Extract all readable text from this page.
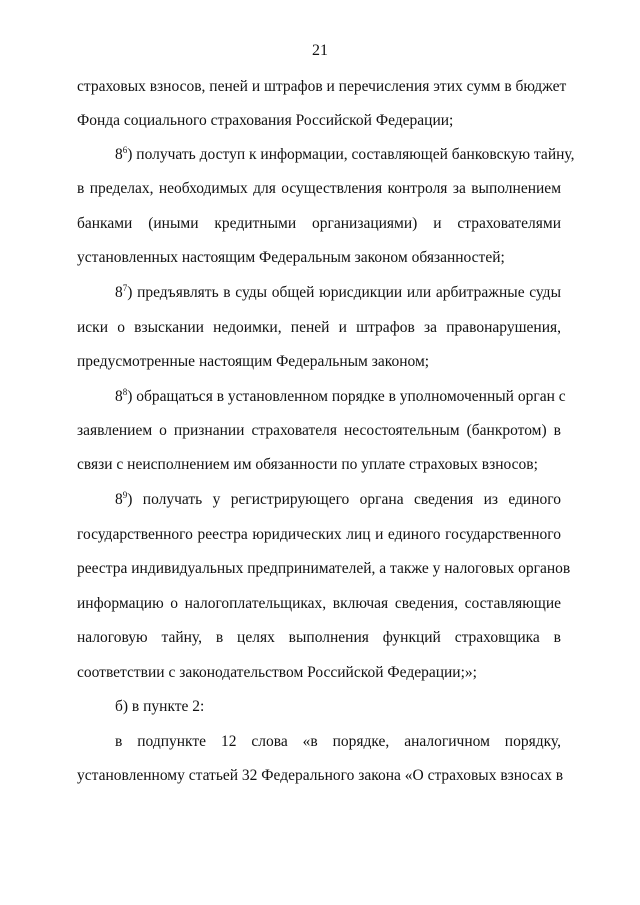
21
страховых взносов, пеней и штрафов и перечисления этих сумм в бюджет
Фонда социального страхования Российской Федерации;
$8^6$) получать доступ к информации, составляющей банковскую тайну,
в пределах, необходимых для осуществления контроля за выполнением
банками (иными кредитными организациями) и страхователями
установленных настоящим Федеральным законом обязанностей;
$8^7$) предъявлять в суды общей юрисдикции или арбитражные суды
иски о взыскании недоимки, пеней и штрафов за правонарушения,
предусмотренные настоящим Федеральным законом;
$8^8$) обращаться в установленном порядке в уполномоченный орган с
заявлением о признании страхователя несостоятельным (банкротом) в
связи с неисполнением им обязанности по уплате страховых взносов;
$8^9$) получать у регистрирующего органа сведения из единого
государственного реестра юридических лиц и единого государственного
реестра индивидуальных предпринимателей, а также у налоговых органов
информацию о налогоплательщиках, включая сведения, составляющие
налоговую тайну, в целях выполнения функций страховщика в
соответствии с законодательством Российской Федерации;»;
б) в пункте 2:
в подпункте 12 слова «в порядке, аналогичном порядку,
установленному статьей 32 Федерального закона «О страховых взносах в
